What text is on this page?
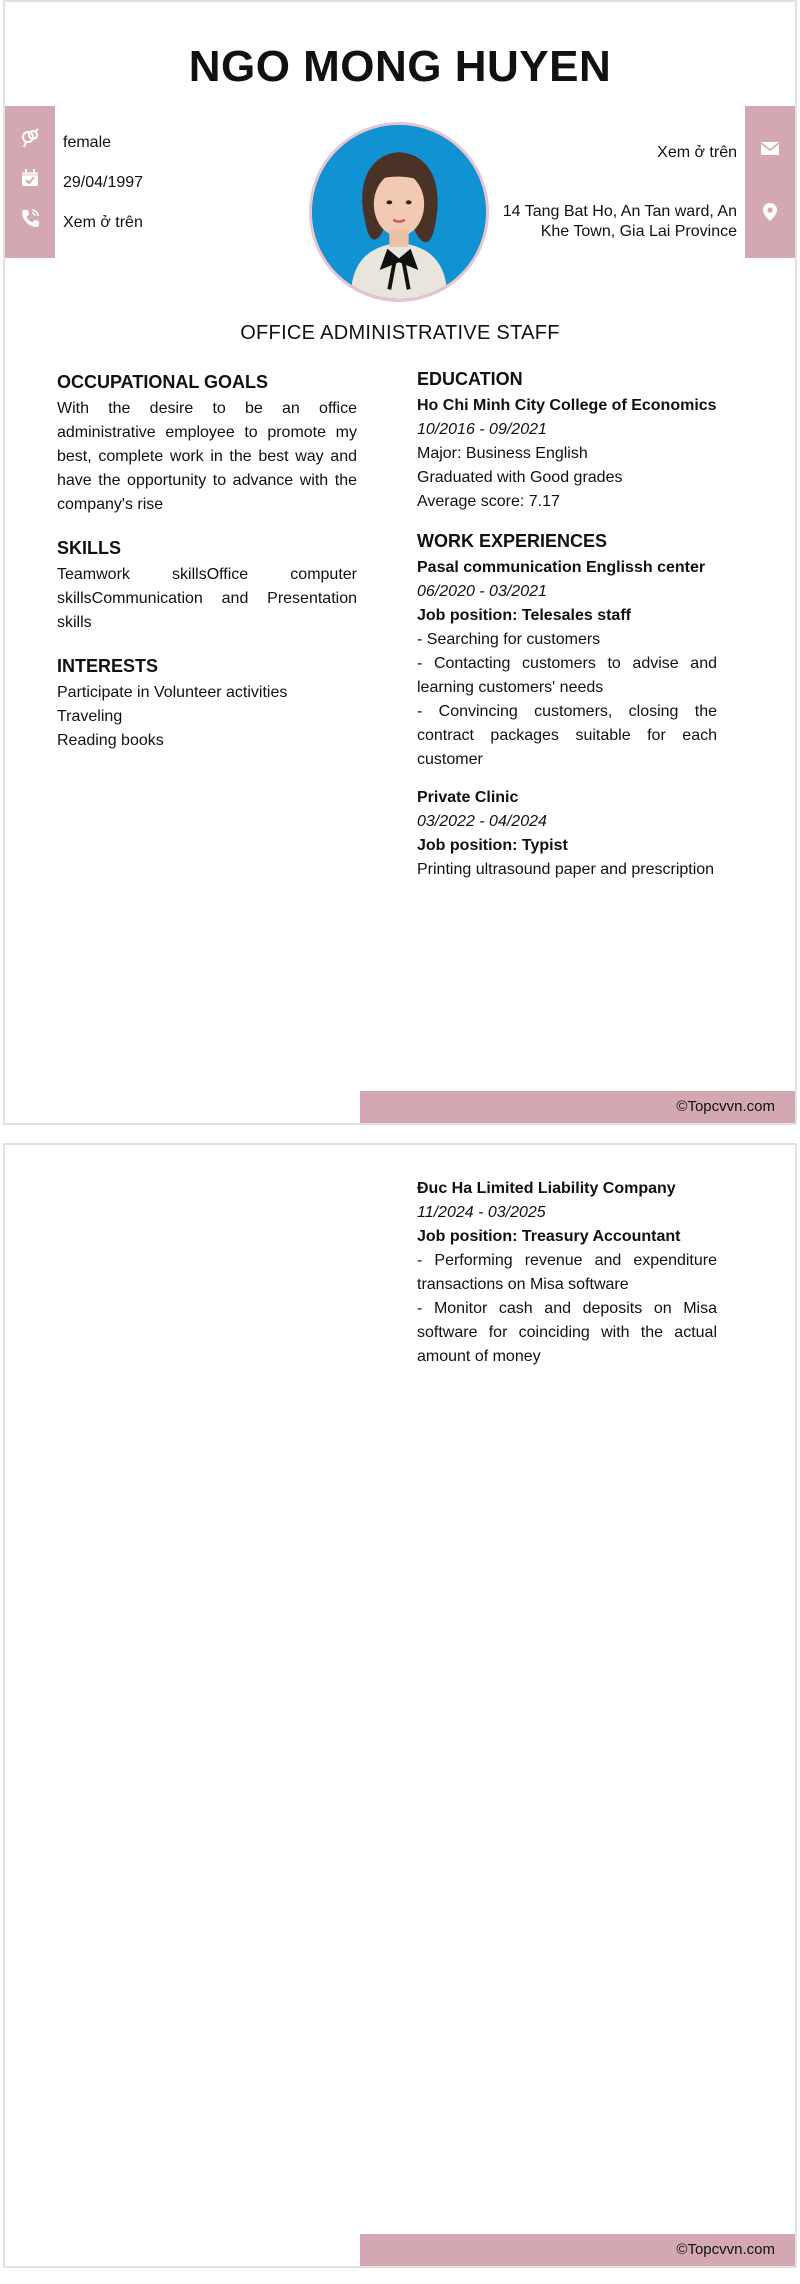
NGO MONG HUYEN
female
29/04/1997
Xem ở trên
Xem ở trên
14 Tang Bat Ho, An Tan ward, An
Khe Town, Gia Lai Province
OFFICE ADMINISTRATIVE STAFF
OCCUPATIONAL GOALS
With the desire to be an office administrative employee to promote my best, complete work in the best way and have the opportunity to advance with the company's rise
SKILLS
Teamwork skillsOffice computer skillsCommunication and Presentation skills
INTERESTS
Participate in Volunteer activities
Traveling
Reading books
EDUCATION
Ho Chi Minh City College of Economics
10/2016 - 09/2021
Major: Business English
Graduated with Good grades
Average score: 7.17
WORK EXPERIENCES
Pasal communication Englissh center
06/2020 - 03/2021
Job position: Telesales staff
- Searching for customers
- Contacting customers to advise and learning customers' needs
- Convincing customers, closing the contract packages suitable for each customer
Private Clinic
03/2022 - 04/2024
Job position: Typist
Printing ultrasound paper and prescription
©Topcvvn.com
Đuc Ha Limited Liability Company
11/2024 - 03/2025
Job position: Treasury Accountant
- Performing revenue and expenditure transactions on Misa software
- Monitor cash and deposits on Misa software for coinciding with the actual amount of money
©Topcvvn.com
